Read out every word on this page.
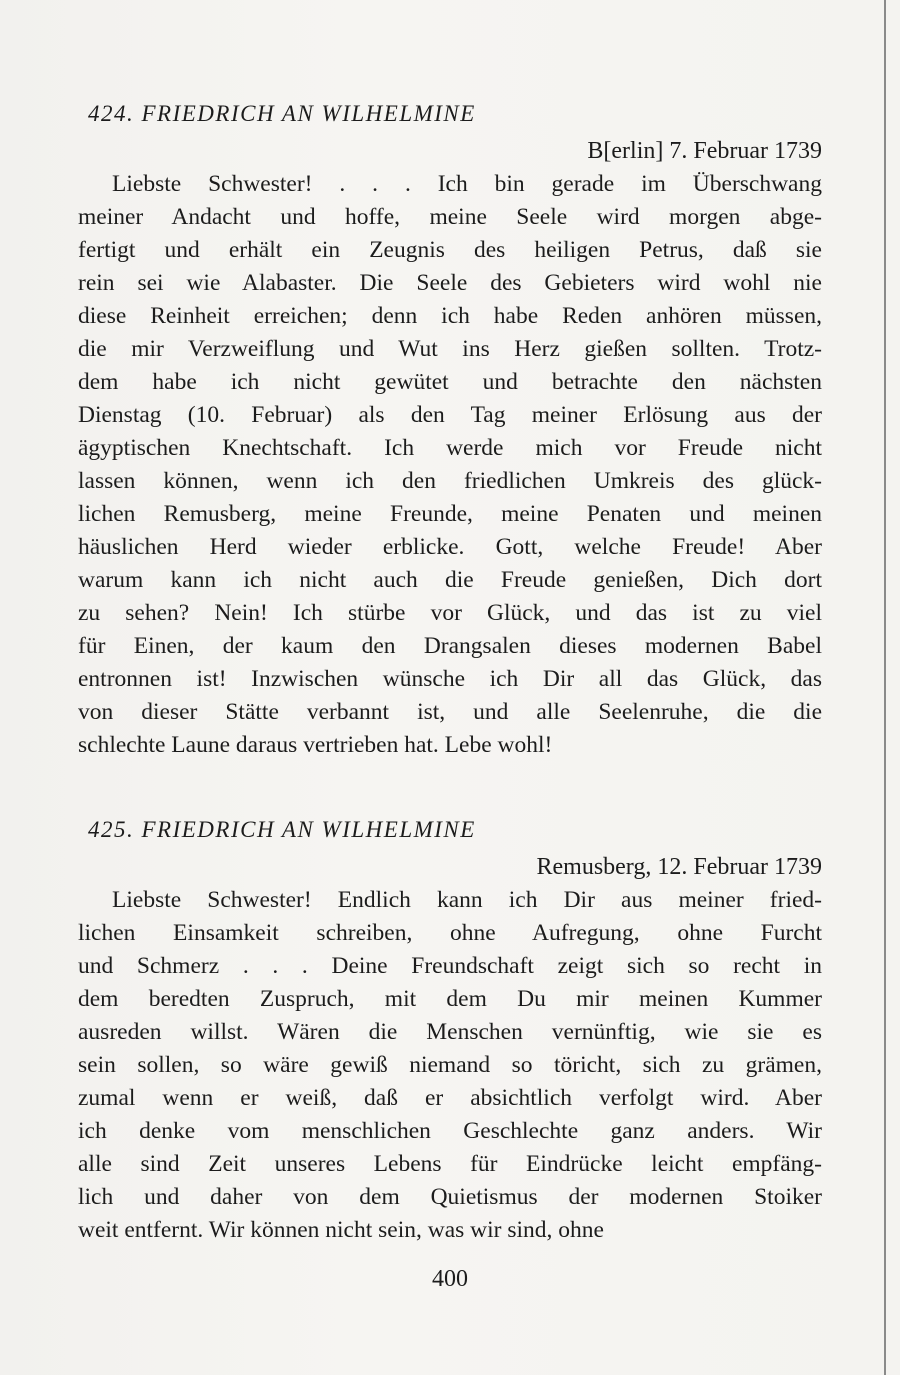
424. FRIEDRICH AN WILHELMINE
B[erlin] 7. Februar 1739
Liebste Schwester! . . . Ich bin gerade im Überschwang
meiner Andacht und hoffe, meine Seele wird morgen abge-
fertigt und erhält ein Zeugnis des heiligen Petrus, daß sie
rein sei wie Alabaster. Die Seele des Gebieters wird wohl nie
diese Reinheit erreichen; denn ich habe Reden anhören müssen,
die mir Verzweiflung und Wut ins Herz gießen sollten. Trotz-
dem habe ich nicht gewütet und betrachte den nächsten
Dienstag (10. Februar) als den Tag meiner Erlösung aus der
ägyptischen Knechtschaft. Ich werde mich vor Freude nicht
lassen können, wenn ich den friedlichen Umkreis des glück-
lichen Remusberg, meine Freunde, meine Penaten und meinen
häuslichen Herd wieder erblicke. Gott, welche Freude! Aber
warum kann ich nicht auch die Freude genießen, Dich dort
zu sehen? Nein! Ich stürbe vor Glück, und das ist zu viel
für Einen, der kaum den Drangsalen dieses modernen Babel
entronnen ist! Inzwischen wünsche ich Dir all das Glück, das
von dieser Stätte verbannt ist, und alle Seelenruhe, die die
schlechte Laune daraus vertrieben hat. Lebe wohl!
425. FRIEDRICH AN WILHELMINE
Remusberg, 12. Februar 1739
Liebste Schwester! Endlich kann ich Dir aus meiner fried-
lichen Einsamkeit schreiben, ohne Aufregung, ohne Furcht
und Schmerz . . . Deine Freundschaft zeigt sich so recht in
dem beredten Zuspruch, mit dem Du mir meinen Kummer
ausreden willst. Wären die Menschen vernünftig, wie sie es
sein sollen, so wäre gewiß niemand so töricht, sich zu grämen,
zumal wenn er weiß, daß er absichtlich verfolgt wird. Aber
ich denke vom menschlichen Geschlechte ganz anders. Wir
alle sind Zeit unseres Lebens für Eindrücke leicht empfäng-
lich und daher von dem Quietismus der modernen Stoiker
weit entfernt. Wir können nicht sein, was wir sind, ohne
400
